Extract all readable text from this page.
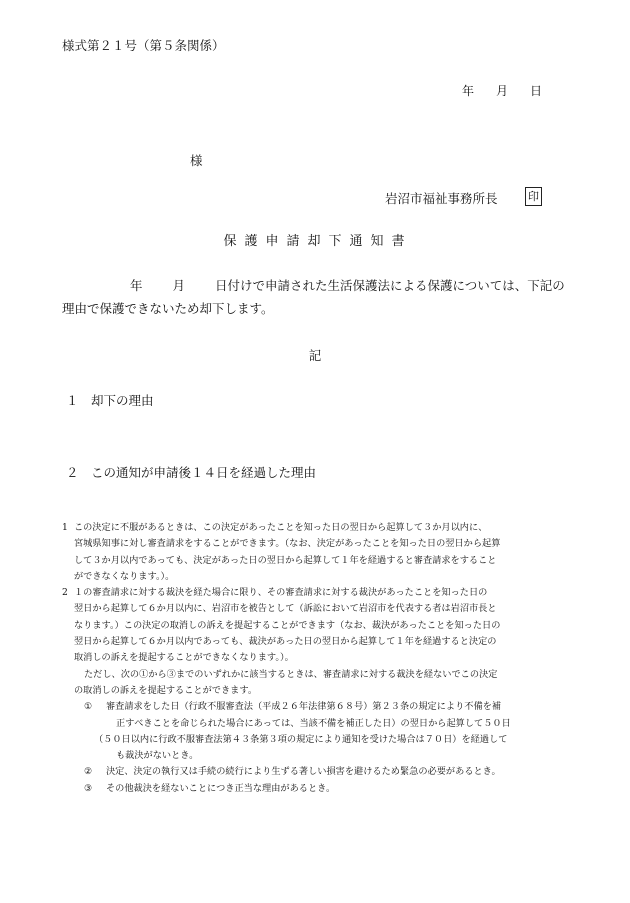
様式第２１号（第５条関係）
年 月 日
様
岩沼市福祉事務所長	印
保護申請却下通知書
年 月 日付けで申請された生活保護法による保護については、下記の
理由で保護できないため却下します。
記
１　却下の理由
２　この通知が申請後１４日を経過した理由
1 この決定に不服があるときは、この決定があったことを知った日の翌日から起算して３か月以内に、
宮城県知事に対し審査請求をすることができます。（なお、決定があったことを知った日の翌日から起算
して３か月以内であっても、決定があった日の翌日から起算して１年を経過すると審査請求をすること
ができなくなります。）。
2 １の審査請求に対する裁決を経た場合に限り、その審査請求に対する裁決があったことを知った日の
翌日から起算して６か月以内に、岩沼市を被告として（訴訟において岩沼市を代表する者は岩沼市長と
なります。）この決定の取消しの訴えを提起することができます（なお、裁決があったことを知った日の
翌日から起算して６か月以内であっても、裁決があった日の翌日から起算して１年を経過すると決定の
取消しの訴えを提起することができなくなります。）。
ただし、次の①から③までのいずれかに該当するときは、審査請求に対する裁決を経ないでこの決定
の取消しの訴えを提起することができます。
① 審査請求をした日（行政不服審査法（平成２６年法律第６８号）第２３条の規定により不備を補
正すべきことを命じられた場合にあっては、当該不備を補正した日）の翌日から起算して５０日
（５０日以内に行政不服審査法第４３条第３項の規定により通知を受けた場合は７０日）を経過して
も裁決がないとき。
② 決定、決定の執行又は手続の続行により生ずる著しい損害を避けるため緊急の必要があるとき。
③ その他裁決を経ないことにつき正当な理由があるとき。
